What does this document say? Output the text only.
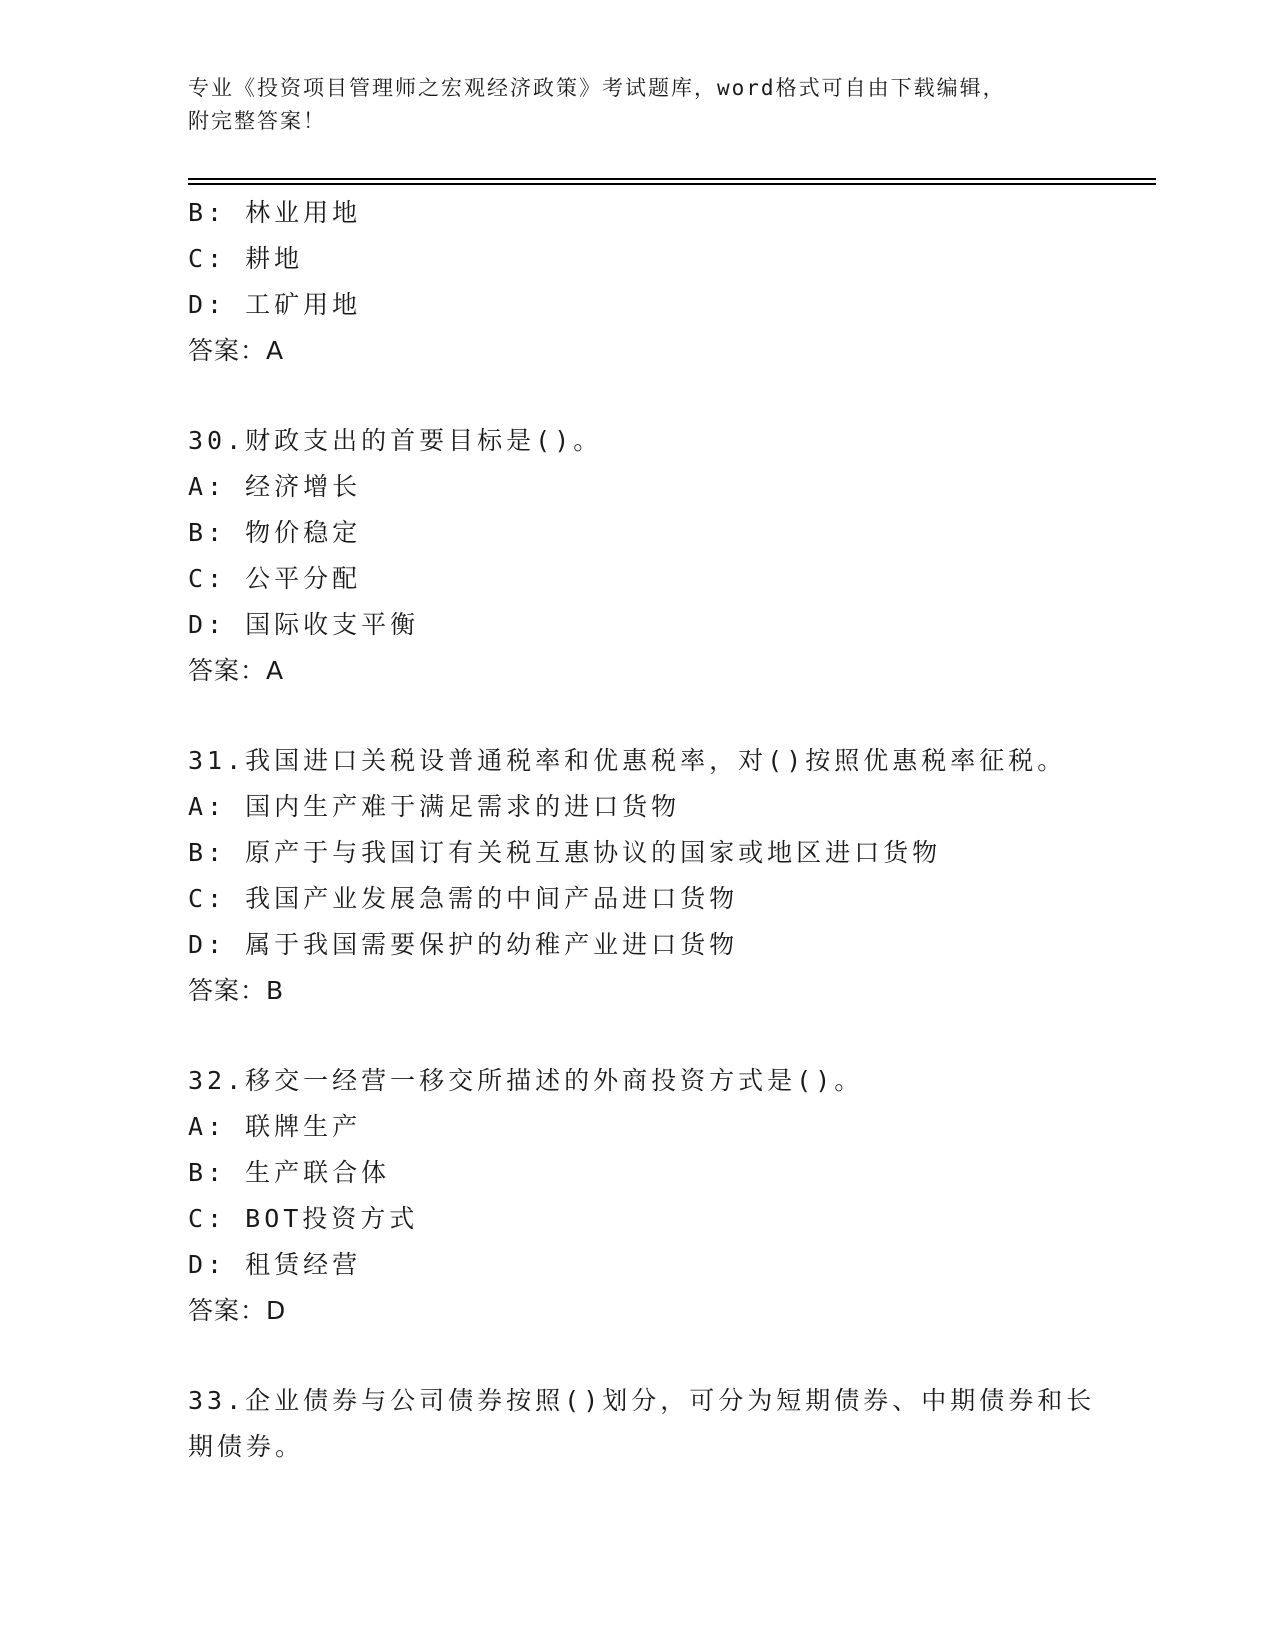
专业《投资项目管理师之宏观经济政策》考试题库，word格式可自由下载编辑，
附完整答案！
B: 林业用地
C: 耕地
D: 工矿用地
答案：A
30.财政支出的首要目标是()。
A: 经济增长
B: 物价稳定
C: 公平分配
D: 国际收支平衡
答案：A
31.我国进口关税设普通税率和优惠税率，对()按照优惠税率征税。
A: 国内生产难于满足需求的进口货物
B: 原产于与我国订有关税互惠协议的国家或地区进口货物
C: 我国产业发展急需的中间产品进口货物
D: 属于我国需要保护的幼稚产业进口货物
答案：B
32.移交一经营一移交所描述的外商投资方式是()。
A: 联牌生产
B: 生产联合体
C: BOT投资方式
D: 租赁经营
答案：D
33.企业债券与公司债券按照()划分，可分为短期债券、中期债券和长
期债券。
